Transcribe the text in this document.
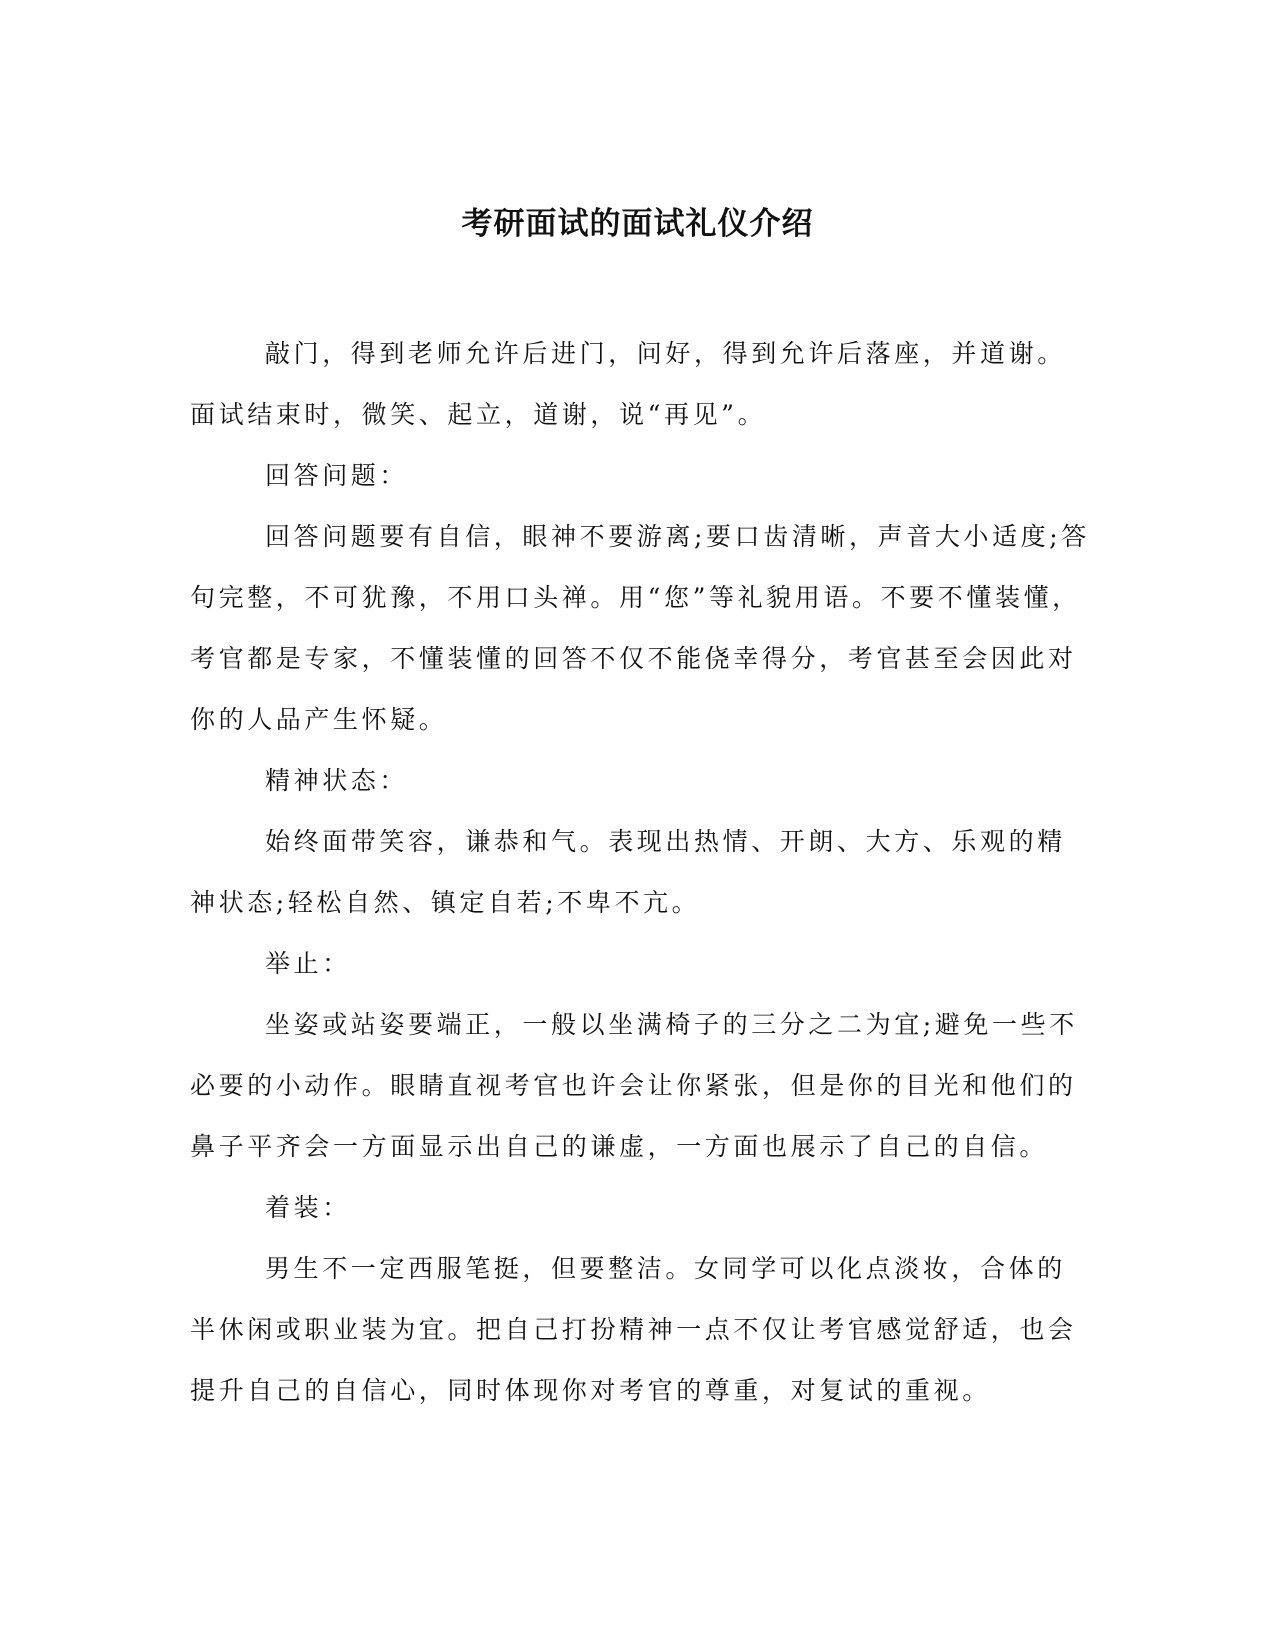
考研面试的面试礼仪介绍

敲门，得到老师允许后进门，问好，得到允许后落座，并道谢。面试结束时，微笑、起立，道谢，说“再见”。

回答问题：

回答问题要有自信，眼神不要游离;要口齿清晰，声音大小适度;答句完整，不可犹豫，不用口头禅。用“您”等礼貌用语。不要不懂装懂，考官都是专家，不懂装懂的回答不仅不能侥幸得分，考官甚至会因此对你的人品产生怀疑。

精神状态：

始终面带笑容，谦恭和气。表现出热情、开朗、大方、乐观的精神状态;轻松自然、镇定自若;不卑不亢。

举止：

坐姿或站姿要端正，一般以坐满椅子的三分之二为宜;避免一些不必要的小动作。眼睛直视考官也许会让你紧张，但是你的目光和他们的鼻子平齐会一方面显示出自己的谦虚，一方面也展示了自己的自信。

着装：

男生不一定西服笔挺，但要整洁。女同学可以化点淡妆，合体的半休闲或职业装为宜。把自己打扮精神一点不仅让考官感觉舒适，也会提升自己的自信心，同时体现你对考官的尊重，对复试的重视。
